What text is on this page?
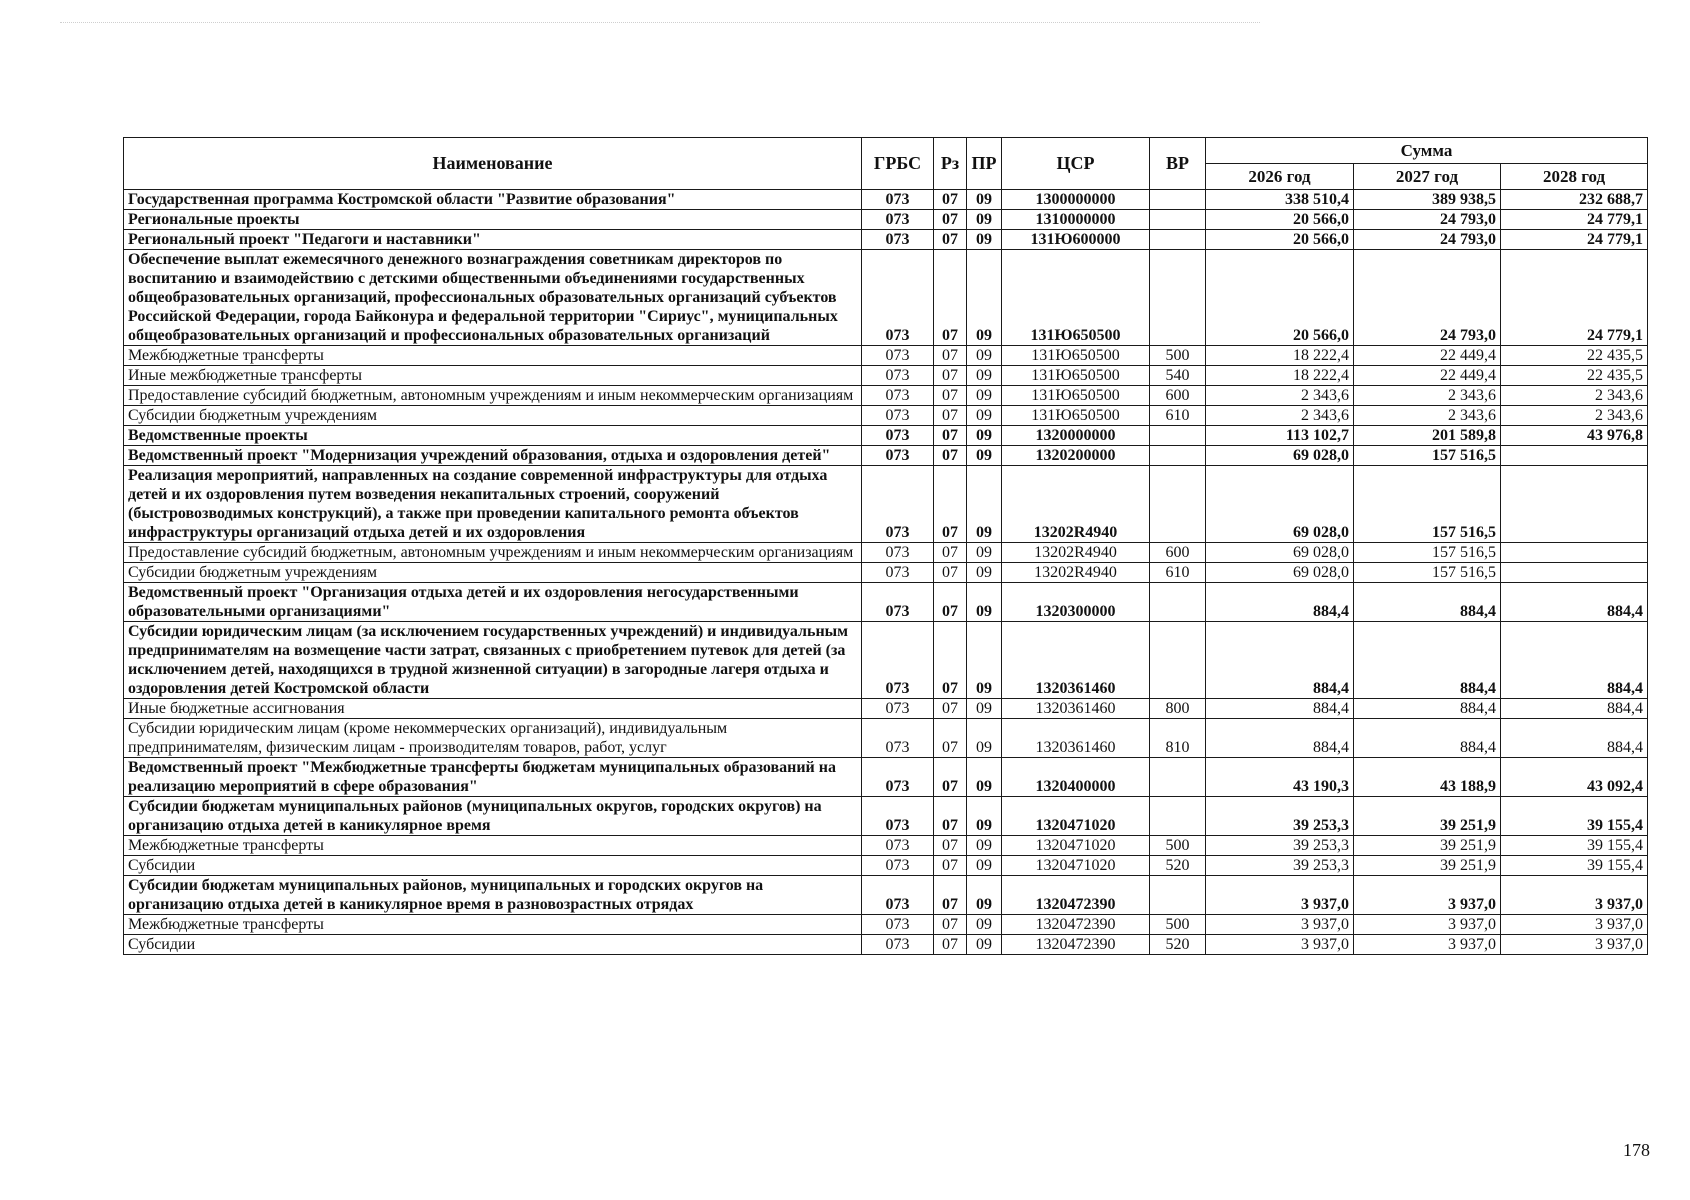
Наименование	ГРБС	Рз	ПР	ЦСР	ВР	Сумма		
						2026 год	2027 год	2028 год
Государственная программа Костромской области "Развитие образования"	073	07	09	1300000000		338 510,4	389 938,5	232 688,7
Региональные проекты	073	07	09	1310000000		20 566,0	24 793,0	24 779,1
Региональный проект "Педагоги и наставники"	073	07	09	131Ю600000		20 566,0	24 793,0	24 779,1
Обеспечение выплат ежемесячного денежного вознаграждения советникам директоров по воспитанию и взаимодействию с детскими общественными объединениями государственных общеобразовательных организаций, профессиональных образовательных организаций субъектов Российской Федерации, города Байконура и федеральной территории "Сириус", муниципальных общеобразовательных организаций и профессиональных образовательных организаций	073	07	09	131Ю650500		20 566,0	24 793,0	24 779,1
Межбюджетные трансферты	073	07	09	131Ю650500	500	18 222,4	22 449,4	22 435,5
Иные межбюджетные трансферты	073	07	09	131Ю650500	540	18 222,4	22 449,4	22 435,5
Предоставление субсидий бюджетным, автономным учреждениям и иным некоммерческим организациям	073	07	09	131Ю650500	600	2 343,6	2 343,6	2 343,6
Субсидии бюджетным учреждениям	073	07	09	131Ю650500	610	2 343,6	2 343,6	2 343,6
Ведомственные проекты	073	07	09	1320000000		113 102,7	201 589,8	43 976,8
Ведомственный проект "Модернизация учреждений образования, отдыха и оздоровления детей"	073	07	09	1320200000		69 028,0	157 516,5	
Реализация мероприятий, направленных на создание современной инфраструктуры для отдыха детей и их оздоровления путем возведения некапитальных строений, сооружений (быстровозводимых конструкций), а также при проведении капитального ремонта объектов инфраструктуры организаций отдыха детей и их оздоровления	073	07	09	13202R4940		69 028,0	157 516,5	
Предоставление субсидий бюджетным, автономным учреждениям и иным некоммерческим организациям	073	07	09	13202R4940	600	69 028,0	157 516,5	
Субсидии бюджетным учреждениям	073	07	09	13202R4940	610	69 028,0	157 516,5	
Ведомственный проект "Организация отдыха детей и их оздоровления негосударственными образовательными организациями"	073	07	09	1320300000		884,4	884,4	884,4
Субсидии юридическим лицам (за исключением государственных учреждений) и индивидуальным предпринимателям на возмещение части затрат, связанных с приобретением путевок для детей (за исключением детей, находящихся в трудной жизненной ситуации) в загородные лагеря отдыха и оздоровления детей Костромской области	073	07	09	1320361460		884,4	884,4	884,4
Иные бюджетные ассигнования	073	07	09	1320361460	800	884,4	884,4	884,4
Субсидии юридическим лицам (кроме некоммерческих организаций), индивидуальным предпринимателям, физическим лицам - производителям товаров, работ, услуг	073	07	09	1320361460	810	884,4	884,4	884,4
Ведомственный проект "Межбюджетные трансферты бюджетам муниципальных образований на реализацию мероприятий в сфере образования"	073	07	09	1320400000		43 190,3	43 188,9	43 092,4
Субсидии бюджетам муниципальных районов (муниципальных округов, городских округов) на организацию отдыха детей в каникулярное время	073	07	09	1320471020		39 253,3	39 251,9	39 155,4
Межбюджетные трансферты	073	07	09	1320471020	500	39 253,3	39 251,9	39 155,4
Субсидии	073	07	09	1320471020	520	39 253,3	39 251,9	39 155,4
Субсидии бюджетам муниципальных районов, муниципальных и городских округов на организацию отдыха детей в каникулярное время в разновозрастных отрядах	073	07	09	1320472390		3 937,0	3 937,0	3 937,0
Межбюджетные трансферты	073	07	09	1320472390	500	3 937,0	3 937,0	3 937,0
Субсидии	073	07	09	1320472390	520	3 937,0	3 937,0	3 937,0
178
